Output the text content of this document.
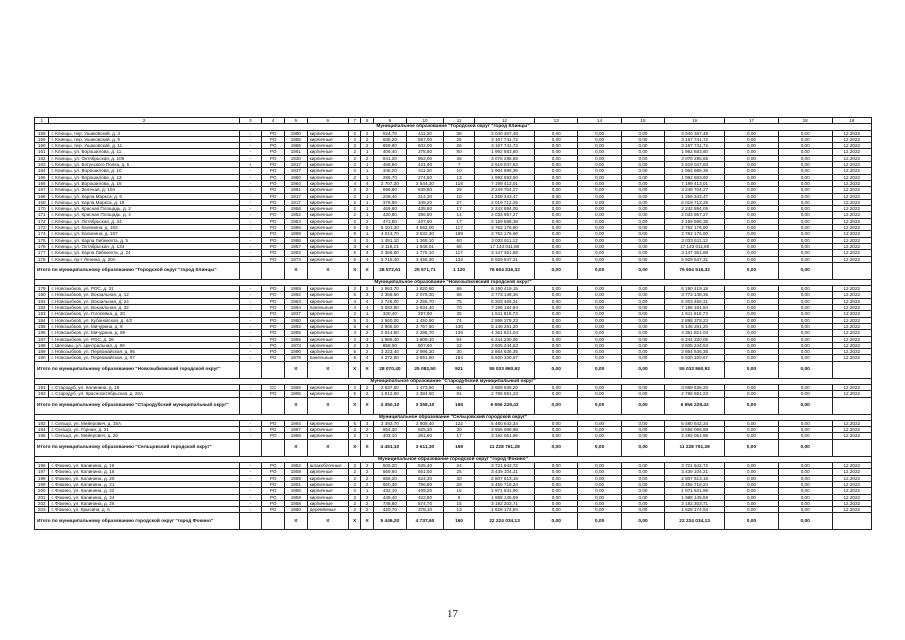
1	2	3	4	5	6	7	8	9	10	11	12	13	14	15	16	17	18	19
Муниципальное образование "Городской округ "город Клинцы"																		
158	г. Клинцы, пер. Ушаковский, д. 3	-	РО	1980	кирпичные	2	2	524,70	411,20	38	3 040 367,48	0,00	0,00	0,00	3 040 367,48	0,00	0,00	12.2022
159	г. Клинцы, пер. Ушаковский, д. 9	-	РО	1985	кирпичные	2	2	635,20	567,00	25	3 167 741,72	0,00	0,00	0,00	3 167 741,72	0,00	0,00	12.2022
160	г. Клинцы, пер. Ушаковский, д. 11	-	РО	1986	кирпичные	2	2	659,80	602,00	26	3 167 741,72	0,00	0,00	0,00	3 167 741,72	0,00	0,00	12.2022
161	г. Клинцы, ул. Ворошилова, д. 11	-	РО	1961	кирпичные	2	1	406,40	378,80	80	1 992 683,60	0,00	0,00	0,00	1 992 683,60	0,00	0,00	12.2022
162	г. Клинцы, ул. Октябрьская, д. 109	-	РО	1930	кирпичные	2	2	941,20	962,00	35	3 076 295,65	0,00	0,00	0,00	3 076 295,65	0,00	0,00	12.2022
163	г. Клинцы, ул. Богунского Полка, д. 5	+	РО	1917	кирпичные	2	1	468,60	421,60	7	2 619 047,83	0,00	0,00	0,00	2 619 047,83	0,00	0,00	12.2022
164	г. Клинцы, ул. Ворошилова, д. 10	-	РО	1937	кирпичные	2	1	345,20	311,20	10	1 964 986,36	0,00	0,00	0,00	1 964 986,36	0,00	0,00	12.2022
165	г. Клинцы, ул. Ворошилова, д. 13	-	РО	1960	кирпичные	2	1	296,70	274,50	13	1 992 683,60	0,00	0,00	0,00	1 992 683,60	0,00	0,00	12.2022
166	г. Клинцы, ул. Ворошилова, д. 16	-	РО	1964	кирпичные	4	4	2 707,20	2 544,30	118	7 199 413,01	0,00	0,00	0,00	7 199 413,01	0,00	0,00	12.2022
167	г. Клинцы, ул. Зеленая, д. 104	-	РО	1961	кирпичные	2	2	696,80	639,80	29	3 249 704,27	0,00	0,00	0,00	3 249 704,27	0,00	0,00	12.2022
168	г. Клинцы, ул. Карла Маркса, д. 6	-	РО	1917	кирпичные	2	1	236,40	214,30	10	1 259 343,47	0,00	0,00	0,00	1 259 343,47	0,00	0,00	12.2022
169	г. Клинцы, ул. Карла Маркса, д. 19	-	РО	1917	кирпичные	2	1	378,90	349,20	27	2 019 712,25	0,00	0,00	0,00	2 019 712,25	0,00	0,00	12.2022
170	г. Клинцы, ул. Красная Площадь, д. 2	-	РО	1956	кирпичные	2	1	469,60	435,60	17	2 242 894,05	0,00	0,00	0,00	2 242 894,05	0,00	0,00	12.2022
171	г. Клинцы, ул. Красная Площадь, д. 4	-	РО	1952	кирпичные	2	1	430,80	396,80	14	2 033 957,27	0,00	0,00	0,00	2 033 957,27	0,00	0,00	12.2022
172	г. Клинцы, ул. Октябрьская, д. 34	-	РО	1954	кирпичные	2	2	471,50	437,60	17	2 159 596,38	0,00	0,00	0,00	2 159 596,38	0,00	0,00	12.2022
173	г. Клинцы, ул. Калинина, д. 153	-	РО	1986	кирпичные	5	5	5 101,30	4 562,00	117	2 762 176,90	0,00	0,00	0,00	2 762 176,90	0,00	0,00	12.2022
174	г. Клинцы, ул. Калинина, д. 157	-	РО	1989	кирпичные	9	1	4 013,70	3 532,30	189	2 762 176,90	0,00	0,00	0,00	2 762 176,90	0,00	0,00	12.2022
175	г. Клинцы, ул. Карла Либкнехта, д. 5	-	РО	1966	кирпичные	4	2	1 491,10	1 368,10	60	3 033 611,12	0,00	0,00	0,00	3 033 611,12	0,00	0,00	12.2022
176	г. Клинцы, ул. Октябрьская, д. 134	-	РО	1957	кирпичные	3	4	2 116,21	1 946,01	66	17 143 011,68	0,00	0,00	0,00	17 143 011,68	0,00	0,00	12.2022
177	г. Клинцы, ул. Карла Либкнехта, д. 24	-	РО	1982	кирпичные	5	4	2 366,60	1 776,10	117	3 147 361,88	0,00	0,00	0,00	3 147 361,88	0,00	0,00	12.2022
178	г. Клинцы, пр-т Ленина, д. 20А	-	РО	1973	кирпичные	5	4	3 715,40	3 456,30	132	5 929 547,31	0,00	0,00	0,00	5 929 547,31	0,00	0,00	12.2022
Итого по муниципальному образованию "Городской округ "город Клинцы"				X	X	X	X	28 572,61	25 571,71	1 120	76 604 516,32	0,00	0,00	0,00	76 604 516,32	0,00	0,00	
Муниципальное образование "Новозыбковский городской округ"																		
179	г. Новозыбков, ул. РОС, д. 31	-	РО	1969	кирпичные	2	2	1 963,70	1 820,80	86	6 190 419,15	0,00	0,00	0,00	6 190 419,15	0,00	0,00	12.2022
180	г. Новозыбков, ул. Вокзальная, д. 12	-	РО	1992	кирпичные	5	3	2 358,80	2 075,30	56	3 773 148,36	0,00	0,00	0,00	3 773 148,36	0,00	0,00	12.2022
181	г. Новозыбков, ул. Вокзальная, д. 24	-	РО	1963	кирпичные	4	4	2 726,00	2 256,70	75	6 203 466,31	0,00	0,00	0,00	6 203 466,31	0,00	0,00	12.2022
182	г. Новозыбков, ул. Вокзальная, д. 32	-	РО	1994	панельные	4	4	3 083,90	2 834,40	70	7 196 184,84	0,00	0,00	0,00	7 196 184,84	0,00	0,00	12.2022
183	г. Новозыбков, ул. Гоголевка, д. 20	-	РО	1937	кирпичные	2	1	330,40	297,90	35	1 511 818,73	0,00	0,00	0,00	1 511 818,73	0,00	0,00	12.2022
184	г. Новозыбков, ул. Кубановская, д. 4/2	-	РО	1960	кирпичные	5	2	1 560,00	1 450,90	74	2 898 378,23	0,00	0,00	0,00	2 898 378,23	0,00	0,00	12.2022
185	г. Новозыбков, ул. Мичурина, д. 8	-	РО	1992	кирпичные	5	4	2 965,00	2 767,50	130	5 146 261,20	0,00	0,00	0,00	5 146 261,20	0,00	0,00	12.2022
186	г. Новозыбков, ул. Мичурина, д. 69	-	РО	1995	кирпичные	4	2	2 614,90	2 286,70	135	4 361 821,04	0,00	0,00	0,00	4 361 821,04	0,00	0,00	12.2022
187	г. Новозыбков, ул. РОС, д. 28	-	РО	1965	кирпичные	2	3	1 986,40	1 809,10	54	6 244 330,05	0,00	0,00	0,00	6 244 330,05	0,00	0,00	12.2022
188	г. Шеломы, ул. Центральная, д. 89	-	РО	1973	кирпичные	2	3	858,00	807,60	23	3 605 244,53	0,00	0,00	0,00	3 605 244,53	0,00	0,00	12.2022
189	г. Новозыбков, ул. Первомайская, д. 95	-	РО	1990	кирпичные	5	2	3 323,40	2 996,30	30	2 864 636,35	0,00	0,00	0,00	2 864 636,35	0,00	0,00	12.2022
190	г. Новозыбков, ул. Первомайская, д. 97	-	РО	1979	панельные	5	4	4 272,90	3 891,90	184	5 920 100,67	0,00	0,00	0,00	5 920 100,67	0,00	0,00	12.2022
Итого по муниципальному образованию "Новозыбковский городской округ"				X	X	X	X	28 070,40	25 082,50	921	55 033 860,92	0,00	0,00	0,00	55 033 860,92	0,00	0,00	
Муниципальное образование "Стародубский муниципальный округ"																		
191	г. Стародуб, ул. Калинина, д. 19	-	СС	1968	кирпичные	2	2	2 537,50	1 473,50	84	3 869 636,20	0,00	0,00	0,00	3 869 636,20	0,00	0,00	12.2022
192	г. Стародуб, ул. Краснооктябрьская, д. 20А	-	РО	1995	кирпичные	5	2	1 812,60	1 384,60	81	2 786 591,23	0,00	0,00	0,00	2 786 591,23	0,00	0,00	12.2022
Итого по муниципальному образованию "Стародубский муниципальный округ"				X	X	X	X	4 350,10	3 358,10	165	6 656 228,43	0,00	0,00	0,00	6 656 228,43	0,00	0,00	
Муниципальное образование "Сельцовский городской округ"																		
193	г. Сельцо, ул. Мейерович, д. 15А	-	РО	1994	кирпичные	5	3	3 393,70	2 908,40	122	5 480 642,34	0,00	0,00	0,00	5 480 642,34	0,00	0,00	12.2022
194	г. Сельцо, ул. Горная, д. 31	-	РО	1987	кирпичные	2	2	654,30	625,30	30	3 556 066,98	0,00	0,00	0,00	3 556 066,98	0,00	0,00	12.2022
195	г. Сельцо, ул. Мейерович, д. 20	-	РО	1956	кирпичные	2	1	403,10	381,60	17	2 192 051,96	0,00	0,00	0,00	2 192 051,96	0,00	0,00	12.2022
Итого по муниципальному образованию "Сельцовский городской округ"				X	X	X	X	4 451,10	3 611,30	169	11 228 761,28	0,00	0,00	0,00	11 228 761,28	0,00	0,00	
Муниципальное образование городской округ "город Фокино"																		
196	г. Фокино, ул. Калинина, д. 16	-	РО	1952	шлакоблочные	2	2	506,20	525,40	24	3 721 642,72	0,00	0,00	0,00	3 721 642,72	0,00	0,00	12.2022
197	г. Фокино, ул. Калинина, д. 18	-	РО	1959	кирпичные	2	2	569,60	651,50	25	3 439 104,21	0,00	0,00	0,00	3 439 104,21	0,00	0,00	12.2022
198	г. Фокино, ул. Калинина, д. 20	-	РО	1959	кирпичные	2	2	668,20	624,30	30	2 807 613,16	0,00	0,00	0,00	2 807 613,16	0,00	0,00	12.2022
199	г. Фокино, ул. Калинина, д. 21	-	РО	1951	кирпичные	2	2	850,30	796,80	29	3 455 718,24	0,00	0,00	0,00	3 455 718,24	0,00	0,00	12.2022
200	г. Фокино, ул. Калинина, д. 22	-	РО	1956	кирпичные	2	1	432,10	409,20	15	1 971 531,96	0,00	0,00	0,00	1 971 531,96	0,00	0,00	12.2022
201	г. Фокино, ул. Калинина, д. 24	-	РО	1959	кирпичные	2	2	448,40	422,80	9	1 988 145,59	0,00	0,00	0,00	1 988 145,59	0,00	0,00	12.2022
202	г. Фокино, ул. Калинина, д. 26	-	РО	1958	кирпичные	2	2	748,60	574,70	15	3 192 203,71	0,00	0,00	0,00	3 192 203,71	0,00	0,00	12.2022
203	г. Фокино, ул. Крысина, д. 5	-	РО	1950	деревянные	2	2	420,70	378,10	13	1 628 174,94	0,00	0,00	0,00	1 628 174,94	0,00	0,00	12.2022
Итого по муниципальному образованию городской округ "город Фокино"				X	X	X	X	5 446,20	4 737,60	160	22 224 034,13	0,00	0,00	0,00	22 224 034,13	0,00	0,00	
17
